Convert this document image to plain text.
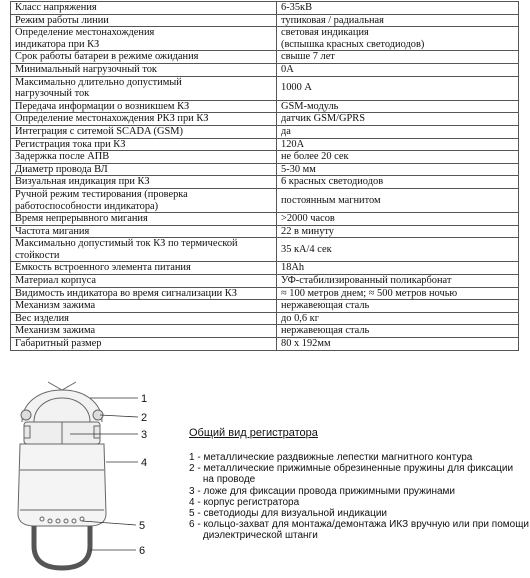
Класс напряжения	6-35кВ
Режим работы линии	тупиковая / радиальная
Определение местонахождения
индикатора при КЗ	световая индикация
(вспышка красных светодиодов)
Срок работы батареи в режиме ожидания	свыше 7 лет
Минимальный нагрузочный ток	0А
Максимально длительно допустимый
нагрузочный ток	1000 А
Передача информации о возникшем КЗ	GSM-модуль
Определение местонахождения РКЗ при КЗ	датчик GSM/GPRS
Интеграция с ситемой SCADA (GSM)	да
Регистрация тока при КЗ	120А
Задержка после АПВ	не более 20 сек
Диаметр провода ВЛ	5-30 мм
Визуальная индикация при КЗ	6 красных светодиодов
Ручной режим тестирования (проверка
работоспособности индикатора)	постоянным магнитом
Время непрерывного мигания	>2000 часов
Частота мигания	22 в минуту
Максимально допустимый ток КЗ по термической
стойкости	35 кА/4 сек
Емкость встроенного элемента питания	18Ah
Материал корпуса	УФ-стабилизированный поликарбонат
Видимость индикатора во время сигнализации КЗ	≈ 100 метров днем; ≈ 500 метров ночью
Механизм зажима	нержавеющая сталь
Вес изделия	до 0,6 кг
Механизм зажима	нержавеющая сталь
Габаритный размер	80 х 192мм
1
2
3
4
5
6
Общий вид регистратора
1 - металлические раздвижные лепестки магнитного контура
2 - металлические прижимные обрезиненные пружины для фиксации
на проводе
3 - ложе для фиксации провода прижимными пружинами
4 - корпус регистратора
5 - светодиоды для визуальной индикации
6 - кольцо-захват для монтажа/демонтажа ИКЗ вручную или при помощи
диэлектрической штанги
